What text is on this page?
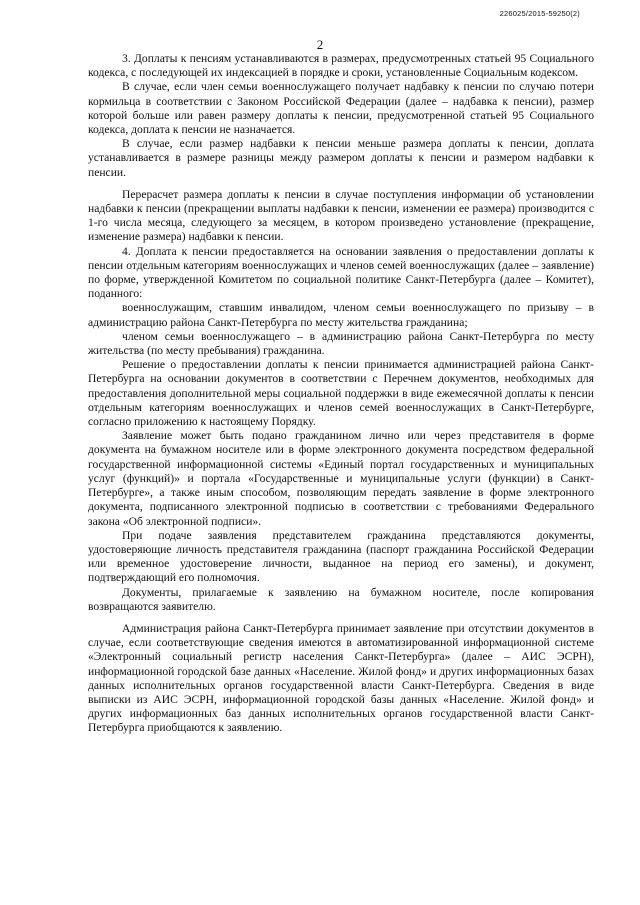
226025/2015-59250(2)
2

3. Доплаты к пенсиям устанавливаются в размерах, предусмотренных статьей 95 Социального кодекса, с последующей их индексацией в порядке и сроки, установленные Социальным кодексом.

В случае, если член семьи военнослужащего получает надбавку к пенсии по случаю потери кормильца в соответствии с Законом Российской Федерации (далее – надбавка к пенсии), размер которой больше или равен размеру доплаты к пенсии, предусмотренной статьей 95 Социального кодекса, доплата к пенсии не назначается.

В случае, если размер надбавки к пенсии меньше размера доплаты к пенсии, доплата устанавливается в размере разницы между размером доплаты к пенсии и размером надбавки к пенсии.

Перерасчет размера доплаты к пенсии в случае поступления информации об установлении надбавки к пенсии (прекращении выплаты надбавки к пенсии, изменении ее размера) производится с 1-го числа месяца, следующего за месяцем, в котором произведено установление (прекращение, изменение размера) надбавки к пенсии.

4. Доплата к пенсии предоставляется на основании заявления о предоставлении доплаты к пенсии отдельным категориям военнослужащих и членов семей военнослужащих (далее – заявление) по форме, утвержденной Комитетом по социальной политике Санкт-Петербурга (далее – Комитет), поданного:

военнослужащим, ставшим инвалидом, членом семьи военнослужащего по призыву – в администрацию района Санкт-Петербурга по месту жительства гражданина;

членом семьи военнослужащего – в администрацию района Санкт-Петербурга по месту жительства (по месту пребывания) гражданина.

Решение о предоставлении доплаты к пенсии принимается администрацией района Санкт-Петербурга на основании документов в соответствии с Перечнем документов, необходимых для предоставления дополнительной меры социальной поддержки в виде ежемесячной доплаты к пенсии отдельным категориям военнослужащих и членов семей военнослужащих в Санкт-Петербурге, согласно приложению к настоящему Порядку.

Заявление может быть подано гражданином лично или через представителя в форме документа на бумажном носителе или в форме электронного документа посредством федеральной государственной информационной системы «Единый портал государственных и муниципальных услуг (функций)» и портала «Государственные и муниципальные услуги (функции) в Санкт-Петербурге», а также иным способом, позволяющим передать заявление в форме электронного документа, подписанного электронной подписью в соответствии с требованиями Федерального закона «Об электронной подписи».

При подаче заявления представителем гражданина представляются документы, удостоверяющие личность представителя гражданина (паспорт гражданина Российской Федерации или временное удостоверение личности, выданное на период его замены), и документ, подтверждающий его полномочия.

Документы, прилагаемые к заявлению на бумажном носителе, после копирования возвращаются заявителю.

Администрация района Санкт-Петербурга принимает заявление при отсутствии документов в случае, если соответствующие сведения имеются в автоматизированной информационной системе «Электронный социальный регистр населения Санкт-Петербурга» (далее – АИС ЭСРН), информационной городской базе данных «Население. Жилой фонд» и других информационных базах данных исполнительных органов государственной власти Санкт-Петербурга. Сведения в виде выписки из АИС ЭСРН, информационной городской базы данных «Население. Жилой фонд» и других информационных баз данных исполнительных органов государственной власти Санкт-Петербурга приобщаются к заявлению.
